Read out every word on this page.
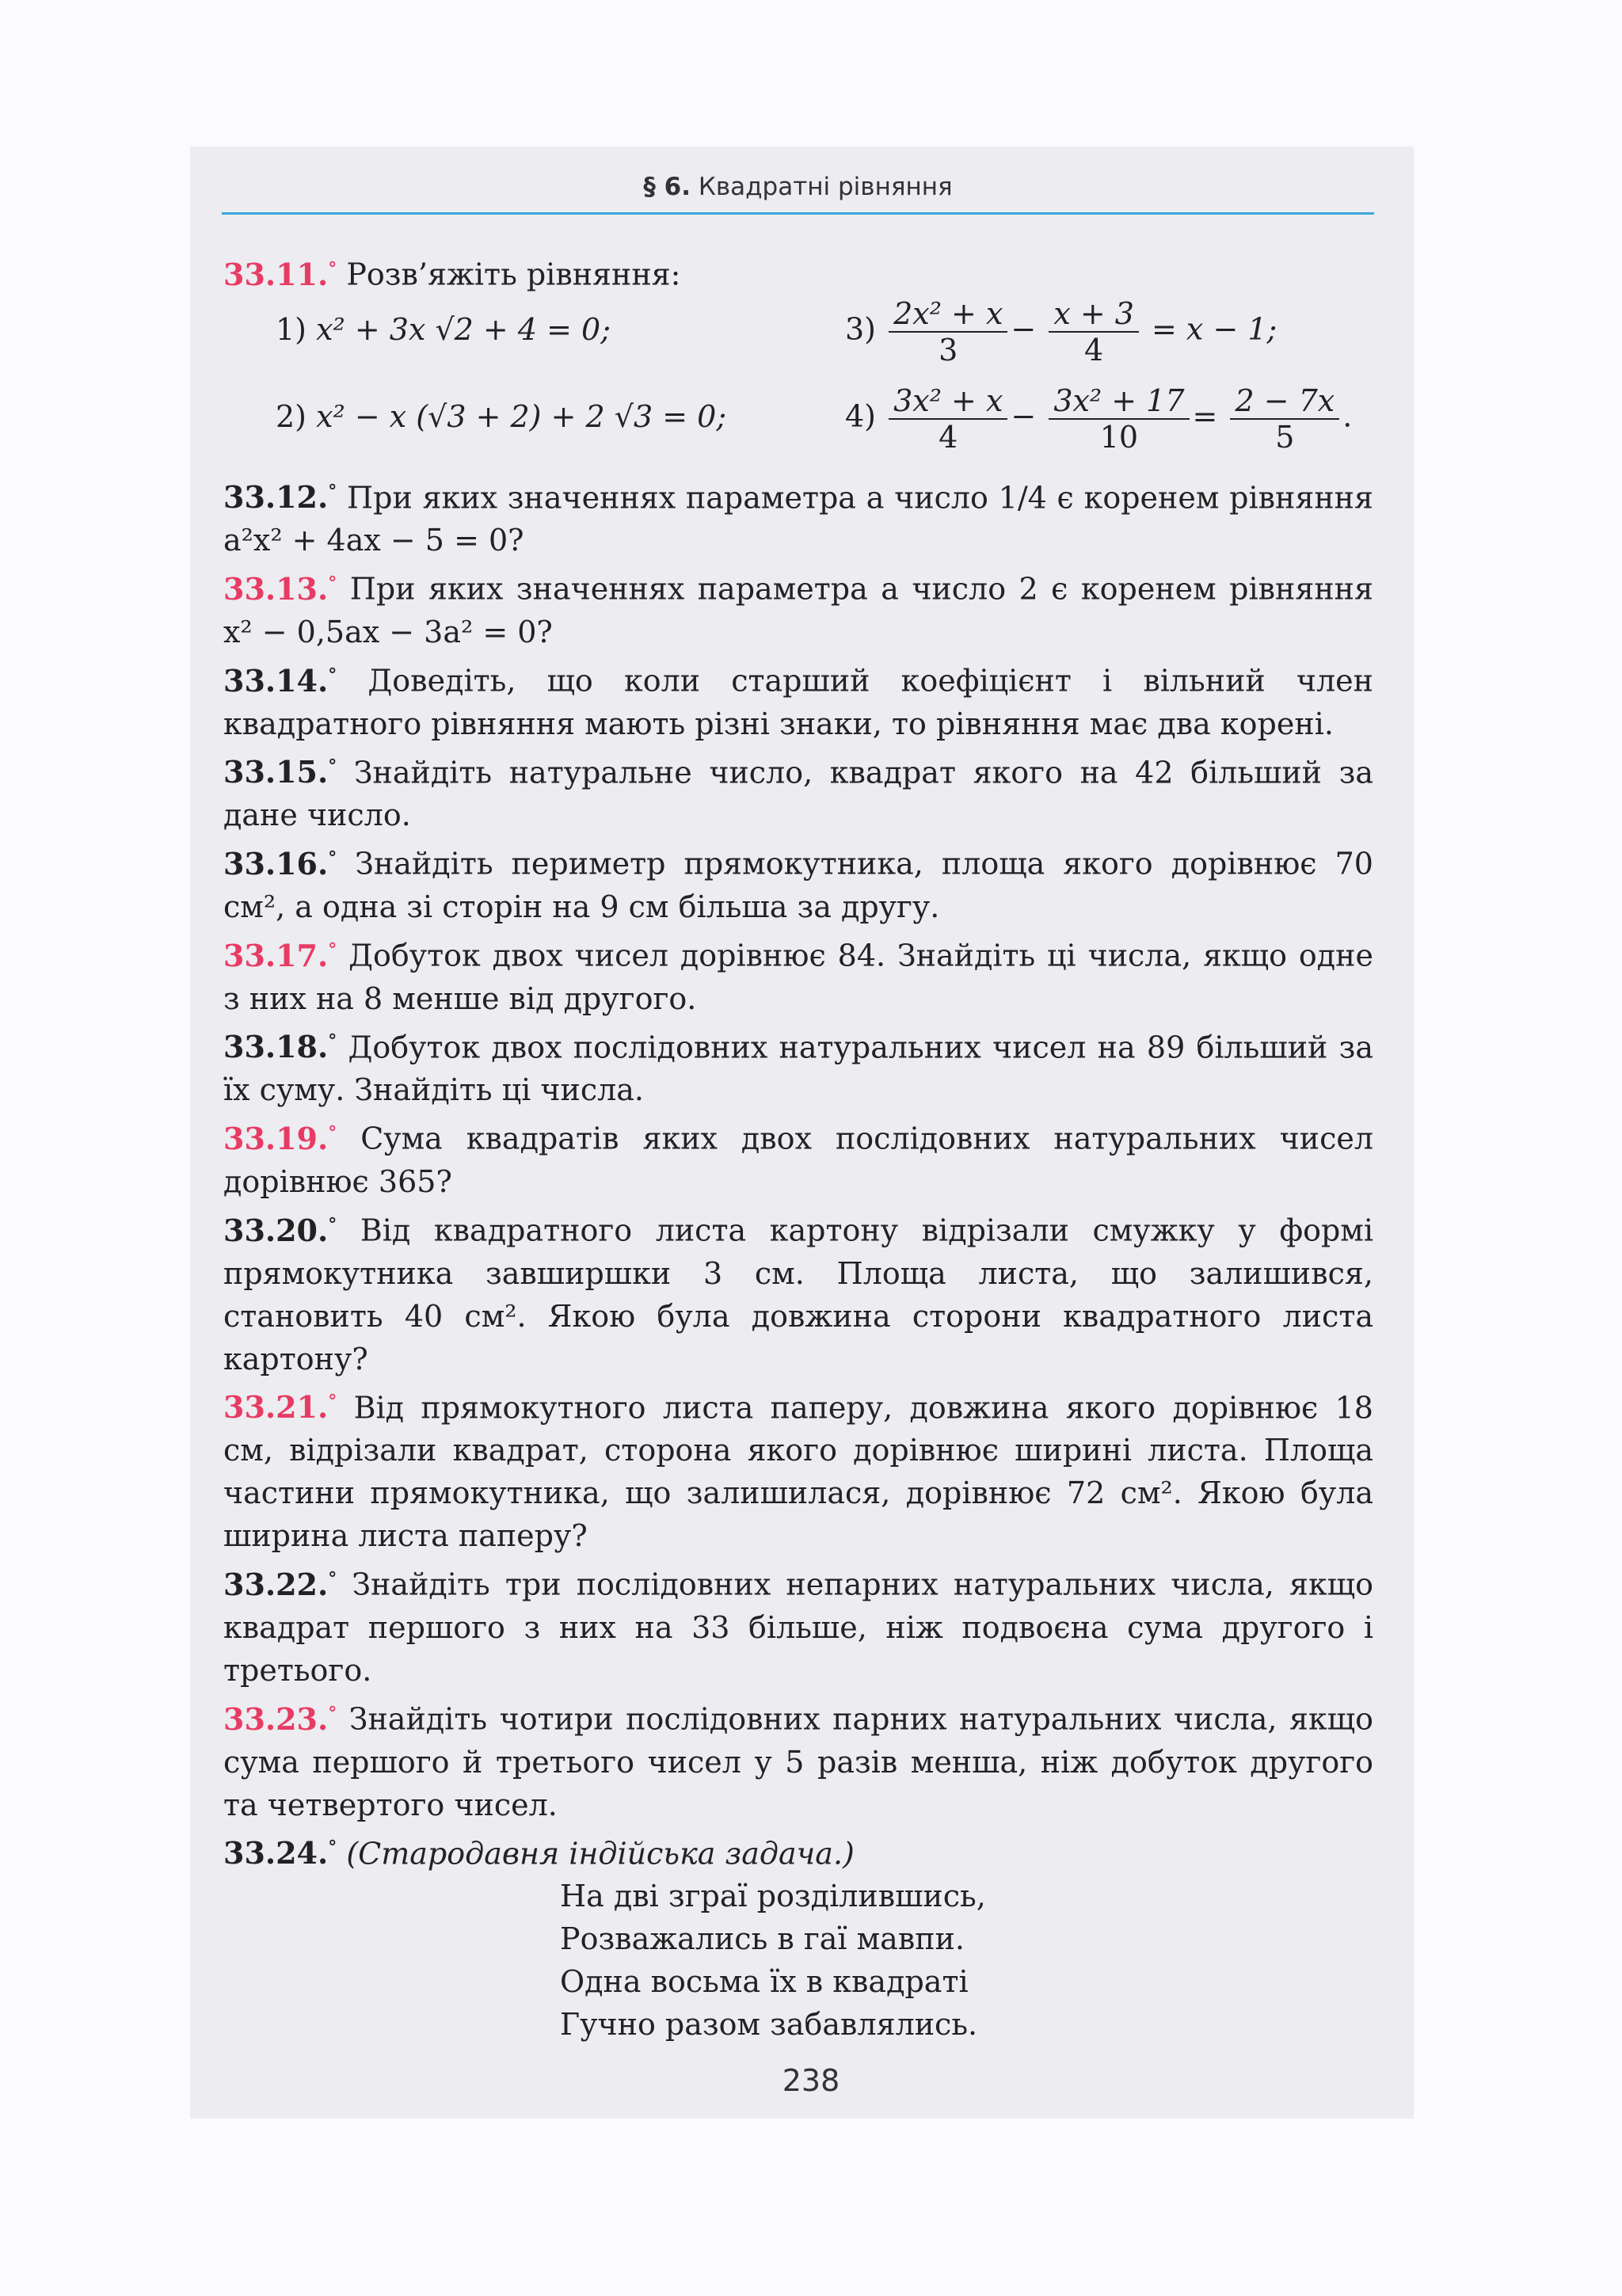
§ 6. Квадратні рівняння
33.11.° Розв’яжіть рівняння:
1) x² + 3x √2 + 4 = 0;	$3) \frac{\text{2x² + x}}{3} - \frac{x + 3}{4} = x - 1$;
2) x² − x (√3 + 2) + 2 √3 = 0;	$4) \frac{\text{3x² + x}}{4} - \frac{\text{3x² + 17}}{10} = \frac{2 - 7x}{5}$ .
33.12.° При яких значеннях параметра a число 1/4 є коренем рівняння a²x² + 4ax − 5 = 0?
33.13.° При яких значеннях параметра a число 2 є коренем рівняння x² − 0,5ax − 3a² = 0?
33.14.° Доведіть, що коли старший коефіцієнт і вільний член квадратного рівняння мають різні знаки, то рівняння має два корені.
33.15.° Знайдіть натуральне число, квадрат якого на 42 більший за дане число.
33.16.° Знайдіть периметр прямокутника, площа якого дорівнює 70 см², а одна зі сторін на 9 см більша за другу.
33.17.° Добуток двох чисел дорівнює 84. Знайдіть ці числа, якщо одне з них на 8 менше від другого.
33.18.° Добуток двох послідовних натуральних чисел на 89 більший за їх суму. Знайдіть ці числа.
33.19.° Сума квадратів яких двох послідовних натуральних чисел дорівнює 365?
33.20.° Від квадратного листа картону відрізали смужку у формі прямокутника завширшки 3 см. Площа листа, що залишився, становить 40 см². Якою була довжина сторони квадратного листа картону?
33.21.° Від прямокутного листа паперу, довжина якого дорівнює 18 см, відрізали квадрат, сторона якого дорівнює ширині листа. Площа частини прямокутника, що залишилася, дорівнює 72 см². Якою була ширина листа паперу?
33.22.° Знайдіть три послідовних непарних натуральних числа, якщо квадрат першого з них на 33 більше, ніж подвоєна сума другого і третього.
33.23.° Знайдіть чотири послідовних парних натуральних числа, якщо сума першого й третього чисел у 5 разів менша, ніж добуток другого та четвертого чисел.
33.24.° (Стародавня індійська задача.)
На дві зграї розділившись,
Розважались в гаї мавпи.
Одна восьма їх в квадраті
Гучно разом забавлялись.
238
